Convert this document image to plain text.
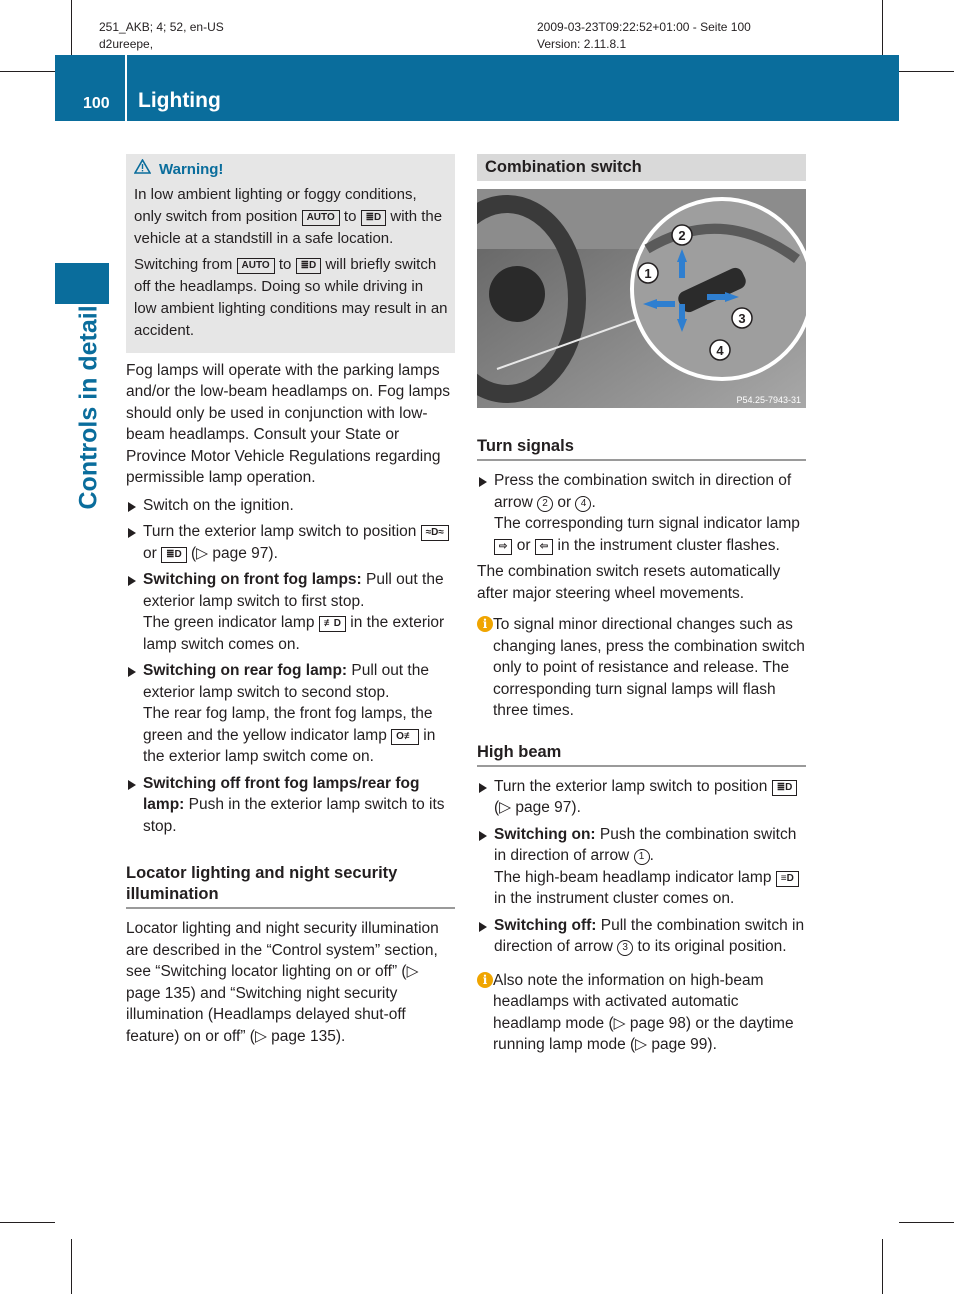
251_AKB; 4; 52, en-US
d2ureepe,
2009-03-23T09:22:52+01:00 - Seite 100
Version: 2.11.8.1
100 Lighting
Controls in detail
Warning!

In low ambient lighting or foggy conditions, only switch from position AUTO to ≣D with the vehicle at a standstill in a safe location.

Switching from AUTO to ≣D will briefly switch off the headlamps. Doing so while driving in low ambient lighting conditions may result in an accident.

Fog lamps will operate with the parking lamps and/or the low-beam headlamps on. Fog lamps should only be used in conjunction with low-beam headlamps. Consult your State or Province Motor Vehicle Regulations regarding permissible lamp operation.

Switch on the ignition.
Turn the exterior lamp switch to position ≈D≈ or ≣D (▷ page 97).
Switching on front fog lamps: Pull out the exterior lamp switch to first stop.
The green indicator lamp ≢D in the exterior lamp switch comes on.
Switching on rear fog lamp: Pull out the exterior lamp switch to second stop.
The rear fog lamp, the front fog lamps, the green and the yellow indicator lamp O≢ in the exterior lamp switch come on.
Switching off front fog lamps/rear fog lamp: Push in the exterior lamp switch to its stop.
Locator lighting and night security illumination

Locator lighting and night security illumination are described in the “Control system” section, see “Switching locator lighting on or off” (▷ page 135) and “Switching night security illumination (Headlamps delayed shut-off feature) on or off” (▷ page 135).

Combination switch
1
2
3
4
P54.25-7943-31
Turn signals
Press the combination switch in direction of arrow 2 or 4 .
The corresponding turn signal indicator lamp ⇨ or ⇦ in the instrument cluster flashes.

The combination switch resets automatically after major steering wheel movements.

i To signal minor directional changes such as changing lanes, press the combination switch only to point of resistance and release. The corresponding turn signal lamps will flash three times.
High beam
Turn the exterior lamp switch to position ≣D (▷ page 97).
Switching on: Push the combination switch in direction of arrow 1 .
The high-beam headlamp indicator lamp ≡D in the instrument cluster comes on.
Switching off: Pull the combination switch in direction of arrow 3 to its original position.
i Also note the information on high-beam headlamps with activated automatic headlamp mode (▷ page 98) or the daytime running lamp mode (▷ page 99).
